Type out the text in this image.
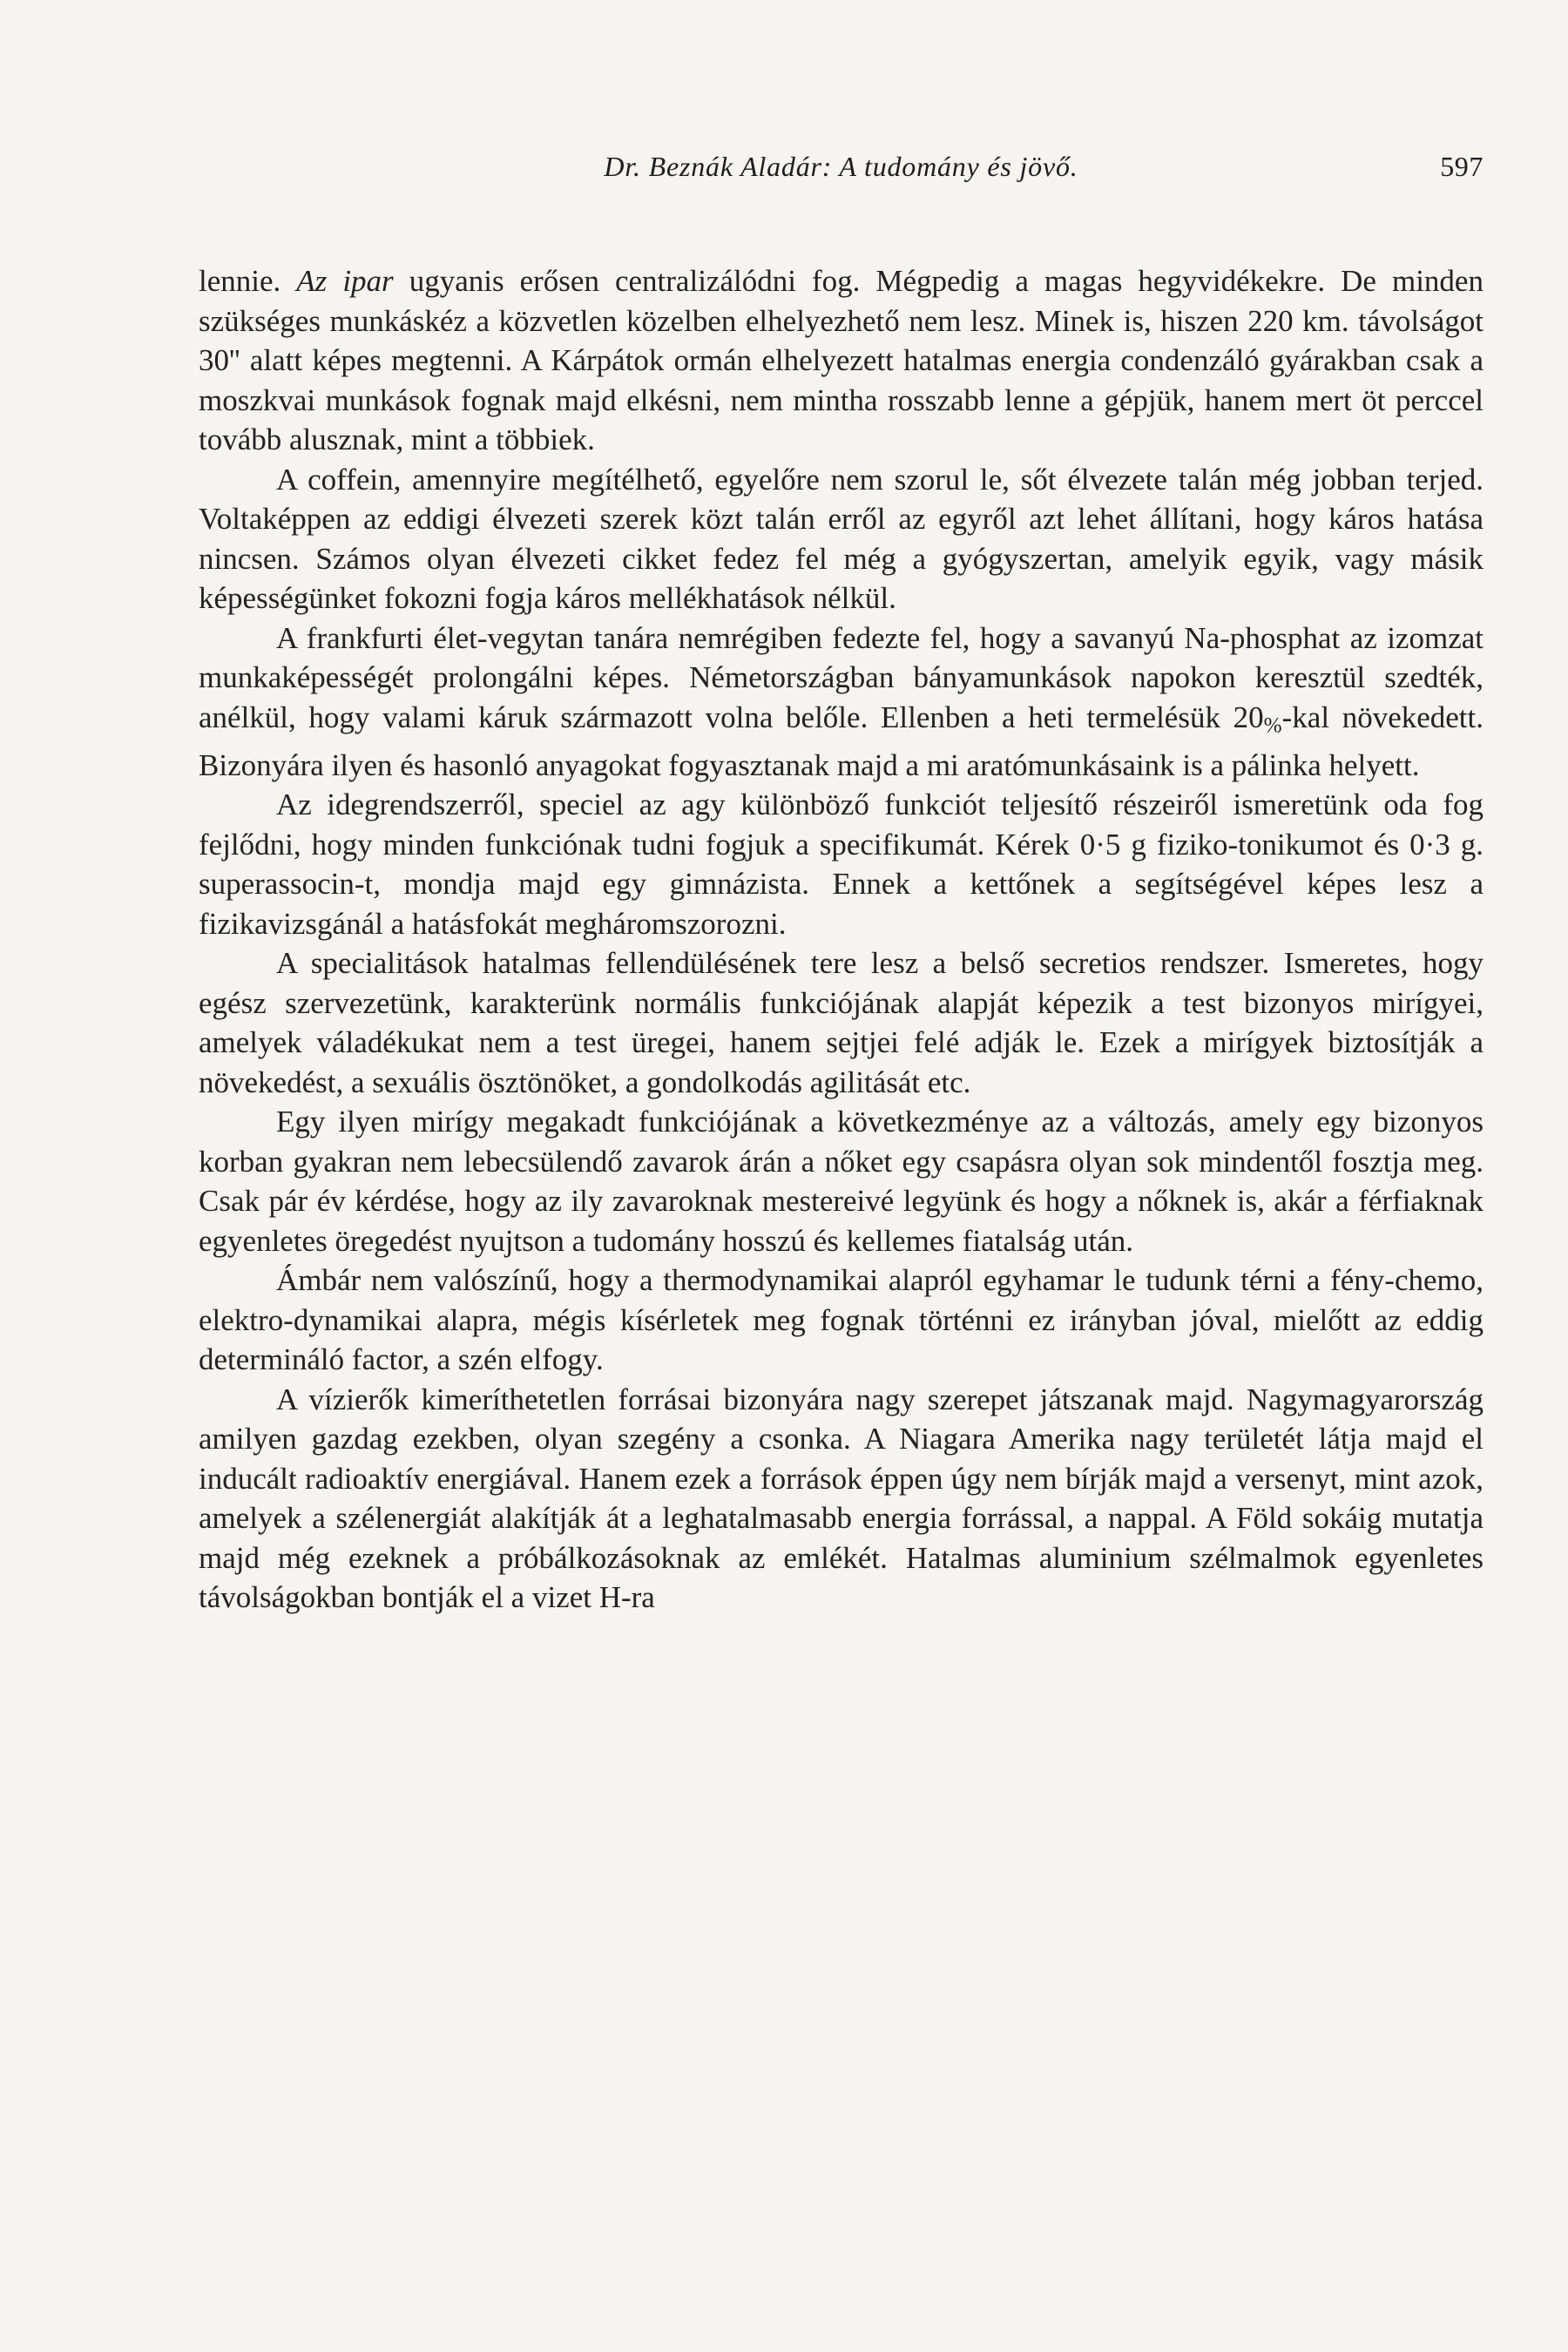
Dr. Beznák Aladár: A tudomány és jövő.	597

lennie. Az ipar ugyanis erősen centralizálódni fog. Mégpedig a magas hegyvidékekre. De minden szükséges munkáskéz a közvetlen közelben elhelyezhető nem lesz. Minek is, hiszen 220 km. távolságot 30'' alatt képes megtenni. A Kárpátok ormán elhelyezett hatalmas energia condenzáló gyárakban csak a moszkvai munkások fognak majd elkésni, nem mintha rosszabb lenne a gépjük, hanem mert öt perccel tovább alusznak, mint a többiek.

A coffein, amennyire megítélhető, egyelőre nem szorul le, sőt élvezete talán még jobban terjed. Voltaképpen az eddigi élvezeti szerek közt talán erről az egyről azt lehet állítani, hogy káros hatása nincsen. Számos olyan élvezeti cikket fedez fel még a gyógyszertan, amelyik egyik, vagy másik képességünket fokozni fogja káros mellékhatások nélkül.

A frankfurti élet-vegytan tanára nemrégiben fedezte fel, hogy a savanyú Na-phosphat az izomzat munkaképességét prolongálni képes. Németországban bányamunkások napokon keresztül szedték, anélkül, hogy valami káruk származott volna belőle. Ellenben a heti termelésük $20_{\%}$-kal növekedett. Bizonyára ilyen és hasonló anyagokat fogyasztanak majd a mi aratómunkásaink is a pálinka helyett.

Az idegrendszerről, speciel az agy különböző funkciót teljesítő részeiről ismeretünk oda fog fejlődni, hogy minden funkciónak tudni fogjuk a specifikumát. Kérek 0·5 g fiziko-tonikumot és 0·3 g. superassocin-t, mondja majd egy gimnázista. Ennek a kettőnek a segítségével képes lesz a fizikavizsgánál a hatásfokát megháromszorozni.

A specialitások hatalmas fellendülésének tere lesz a belső secretios rendszer. Ismeretes, hogy egész szervezetünk, karakterünk normális funkciójának alapját képezik a test bizonyos mirígyei, amelyek váladékukat nem a test üregei, hanem sejtjei felé adják le. Ezek a mirígyek biztosítják a növekedést, a sexuális ösztönöket, a gondolkodás agilitását etc.

Egy ilyen mirígy megakadt funkciójának a következménye az a változás, amely egy bizonyos korban gyakran nem lebecsülendő zavarok árán a nőket egy csapásra olyan sok mindentől fosztja meg. Csak pár év kérdése, hogy az ily zavaroknak mestereivé legyünk és hogy a nőknek is, akár a férfiaknak egyenletes öregedést nyujtson a tudomány hosszú és kellemes fiatalság után.

Ámbár nem valószínű, hogy a thermodynamikai alapról egyhamar le tudunk térni a fény-chemo, elektro-dynamikai alapra, mégis kísérletek meg fognak történni ez irányban jóval, mielőtt az eddig determináló factor, a szén elfogy.

A vízierők kimeríthetetlen forrásai bizonyára nagy szerepet játszanak majd. Nagymagyarország amilyen gazdag ezekben, olyan szegény a csonka. A Niagara Amerika nagy területét látja majd el inducált radioaktív energiával. Hanem ezek a források éppen úgy nem bírják majd a versenyt, mint azok, amelyek a szélenergiát alakítják át a leghatalmasabb energia forrással, a nappal. A Föld sokáig mutatja majd még ezeknek a próbálkozásoknak az emlékét. Hatalmas aluminium szélmalmok egyenletes távolságokban bontják el a vizet H-ra
